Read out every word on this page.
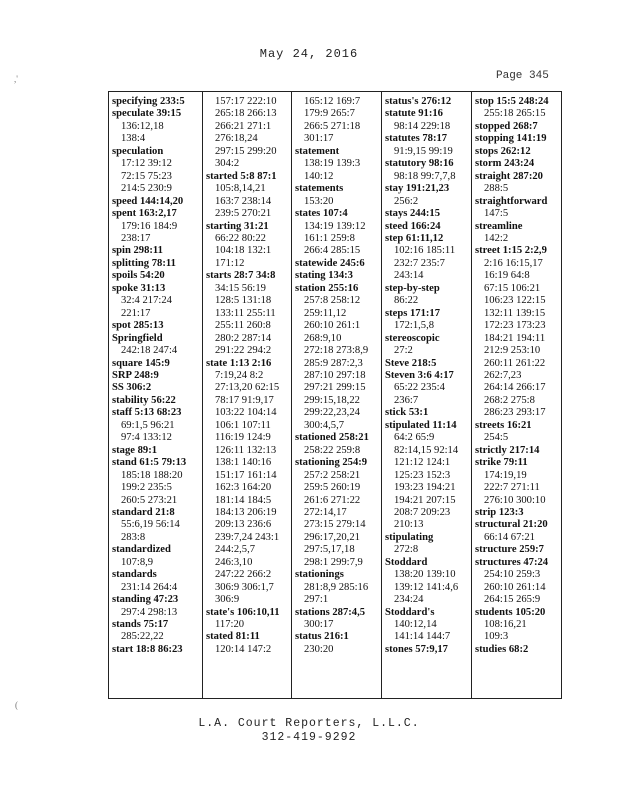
May 24, 2016
Page 345
,'
(
specifying 233:5
speculate 39:15
136:12,18
138:4
speculation
17:12 39:12
72:15 75:23
214:5 230:9
speed 144:14,20
spent 163:2,17
179:16 184:9
238:17
spin 298:11
splitting 78:11
spoils 54:20
spoke 31:13
32:4 217:24
221:17
spot 285:13
Springfield
242:18 247:4
square 145:9
SRP 248:9
SS 306:2
stability 56:22
staff 5:13 68:23
69:1,5 96:21
97:4 133:12
stage 89:1
stand 61:5 79:13
185:18 188:20
199:2 235:5
260:5 273:21
standard 21:8
55:6,19 56:14
283:8
standardized
107:8,9
standards
231:14 264:4
standing 47:23
297:4 298:13
stands 75:17
285:22,22
start 18:8 86:23
157:17 222:10
265:18 266:13
266:21 271:1
276:18,24
297:15 299:20
304:2
started 5:8 87:1
105:8,14,21
163:7 238:14
239:5 270:21
starting 31:21
66:22 80:22
104:18 132:1
171:12
starts 28:7 34:8
34:15 56:19
128:5 131:18
133:11 255:11
255:11 260:8
280:2 287:14
291:22 294:2
state 1:13 2:16
7:19,24 8:2
27:13,20 62:15
78:17 91:9,17
103:22 104:14
106:1 107:11
116:19 124:9
126:11 132:13
138:1 140:16
151:17 161:14
162:3 164:20
181:14 184:5
184:13 206:19
209:13 236:6
239:7,24 243:1
244:2,5,7
246:3,10
247:22 266:2
306:9 306:1,7
306:9
state's 106:10,11
117:20
stated 81:11
120:14 147:2
165:12 169:7
179:9 265:7
266:5 271:18
301:17
statement
138:19 139:3
140:12
statements
153:20
states 107:4
134:19 139:12
161:1 259:8
266:4 285:15
statewide 245:6
stating 134:3
station 255:16
257:8 258:12
259:11,12
260:10 261:1
268:9,10
272:18 273:8,9
285:9 287:2,3
287:10 297:18
297:21 299:15
299:15,18,22
299:22,23,24
300:4,5,7
stationed 258:21
258:22 259:8
stationing 254:9
257:2 258:21
259:5 260:19
261:6 271:22
272:14,17
273:15 279:14
296:17,20,21
297:5,17,18
298:1 299:7,9
stationings
281:8,9 285:16
297:1
stations 287:4,5
300:17
status 216:1
230:20
status's 276:12
statute 91:16
98:14 229:18
statutes 78:17
91:9,15 99:19
statutory 98:16
98:18 99:7,7,8
stay 191:21,23
256:2
stays 244:15
steed 166:24
step 61:11,12
102:16 185:11
232:7 235:7
243:14
step-by-step
86:22
steps 171:17
172:1,5,8
stereoscopic
27:2
Steve 218:5
Steven 3:6 4:17
65:22 235:4
236:7
stick 53:1
stipulated 11:14
64:2 65:9
82:14,15 92:14
121:12 124:1
125:23 152:3
193:23 194:21
194:21 207:15
208:7 209:23
210:13
stipulating
272:8
Stoddard
138:20 139:10
139:12 141:4,6
234:24
Stoddard's
140:12,14
141:14 144:7
stones 57:9,17
stop 15:5 248:24
255:18 265:15
stopped 268:7
stopping 141:19
stops 262:12
storm 243:24
straight 287:20
288:5
straightforward
147:5
streamline
142:2
street 1:15 2:2,9
2:16 16:15,17
16:19 64:8
67:15 106:21
106:23 122:15
132:11 139:15
172:23 173:23
184:21 194:11
212:9 253:10
260:11 261:22
262:7,23
264:14 266:17
268:2 275:8
286:23 293:17
streets 16:21
254:5
strictly 217:14
strike 79:11
174:19,19
222:7 271:11
276:10 300:10
strip 123:3
structural 21:20
66:14 67:21
structure 259:7
structures 47:24
254:10 259:3
260:10 261:14
264:15 265:9
students 105:20
108:16,21
109:3
studies 68:2
L.A. Court Reporters, L.L.C.
312-419-9292
